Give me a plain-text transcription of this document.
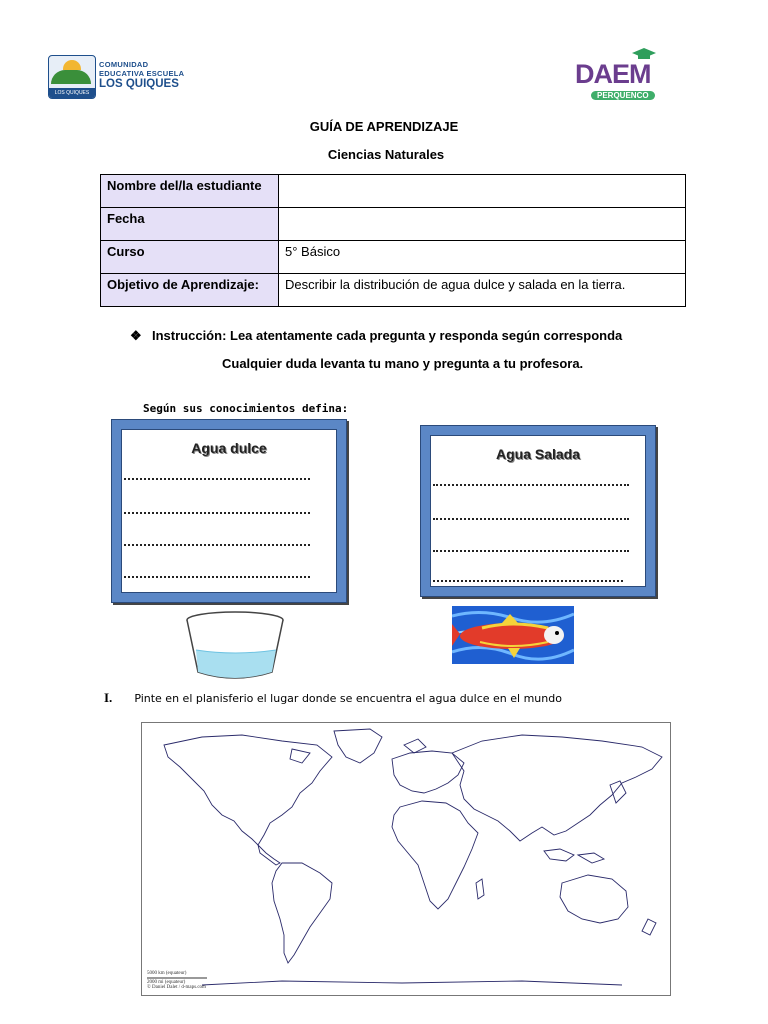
LOS QUIQUES
COMUNIDAD
EDUCATIVA ESCUELA
LOS QUIQUES	DAEM
PERQUENCO
GUÍA DE APRENDIZAJE
Ciencias Naturales
Nombre del/la estudiante	
Fecha	
Curso	5° Básico
Objetivo de Aprendizaje:	Describir la distribución de agua dulce y salada en la tierra.
❖ Instrucción: Lea atentamente cada pregunta y responda según corresponda
Cualquier duda levanta tu mano y pregunta a tu profesora.
Según sus conocimientos defina:
Agua dulce	Agua Salada
I. Pinte en el planisferio el lugar donde se encuentra el agua dulce en el mundo
5000 km (equateur)
2000 mi (equateur)
© Daniel Dalet / d-maps.com
